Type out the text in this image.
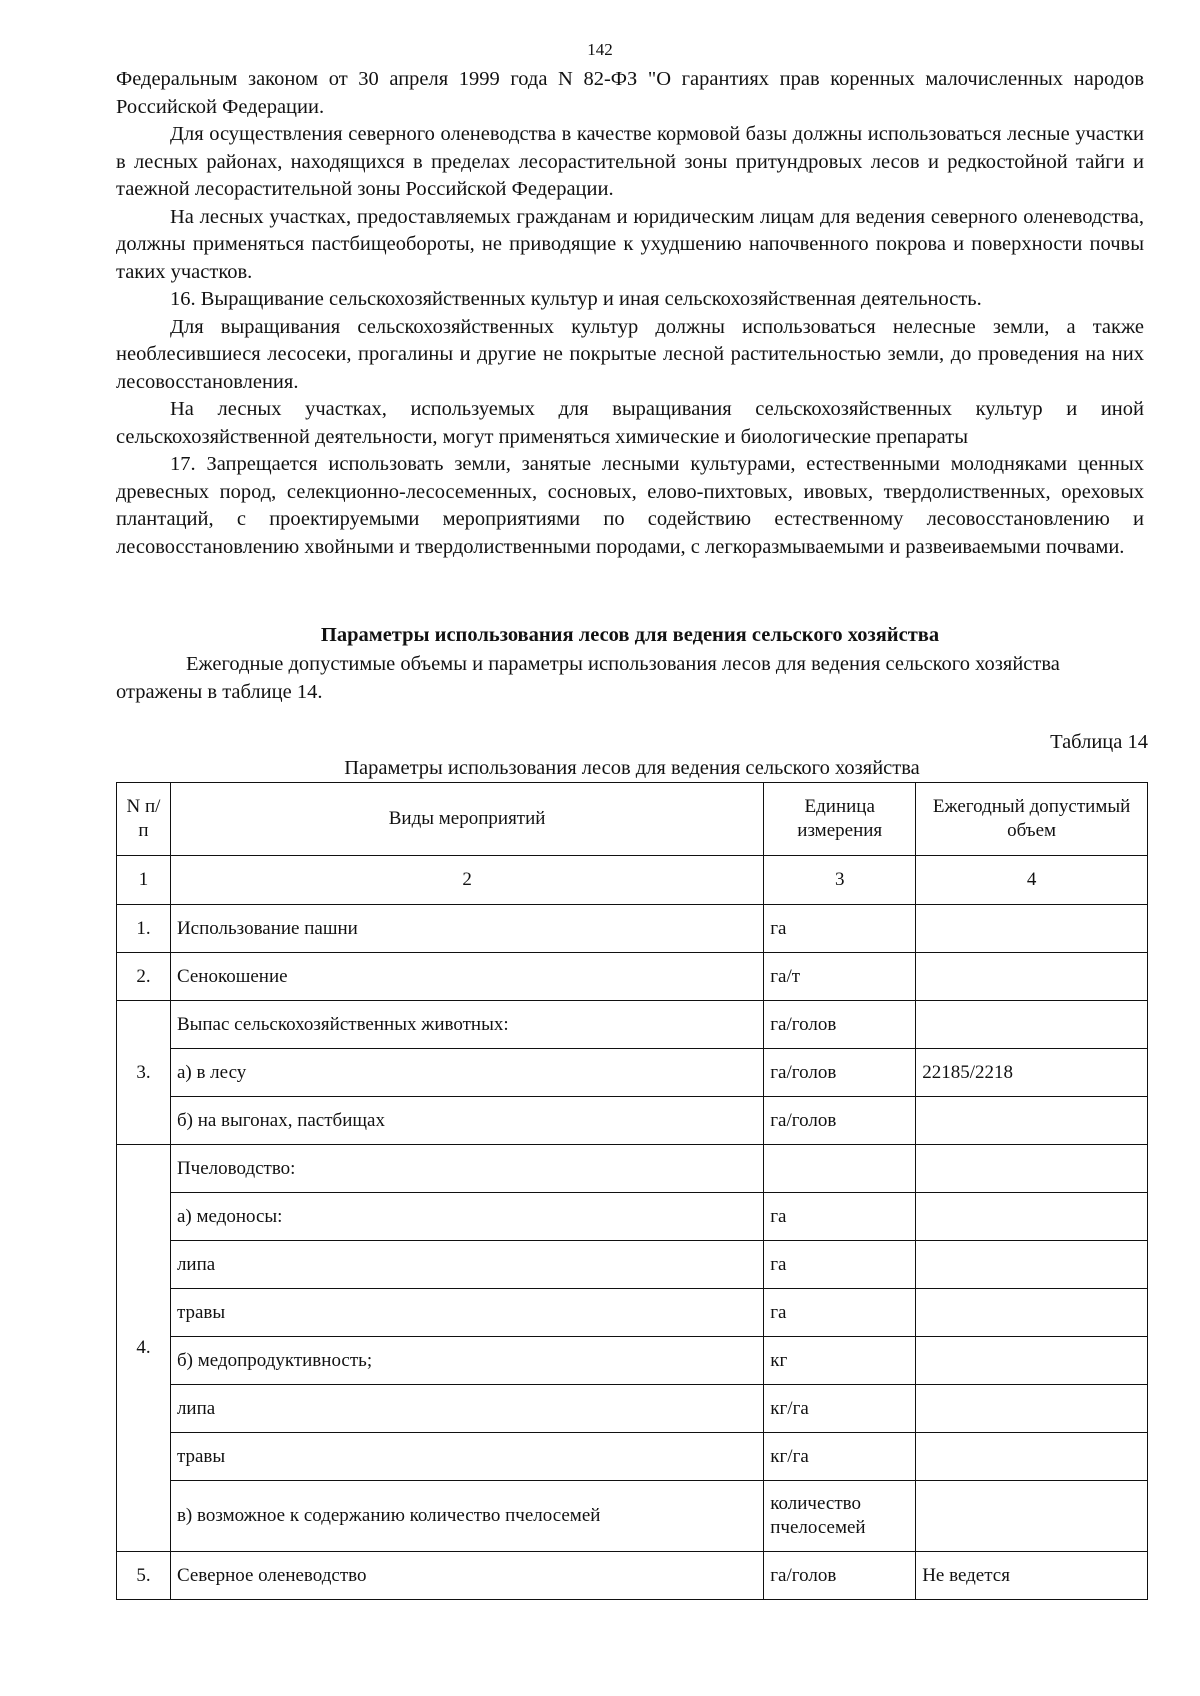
142

Федеральным законом от 30 апреля 1999 года N 82-ФЗ "О гарантиях прав коренных малочисленных народов Российской Федерации.

Для осуществления северного оленеводства в качестве кормовой базы должны использоваться лесные участки в лесных районах, находящихся в пределах лесорастительной зоны притундровых лесов и редкостойной тайги и таежной лесорастительной зоны Российской Федерации.

На лесных участках, предоставляемых гражданам и юридическим лицам для ведения северного оленеводства, должны применяться пастбищеобороты, не приводящие к ухудшению напочвенного покрова и поверхности почвы таких участков.

16. Выращивание сельскохозяйственных культур и иная сельскохозяйственная деятельность.

Для выращивания сельскохозяйственных культур должны использоваться нелесные земли, а также необлесившиеся лесосеки, прогалины и другие не покрытые лесной растительностью земли, до проведения на них лесовосстановления.

На лесных участках, используемых для выращивания сельскохозяйственных культур и иной сельскохозяйственной деятельности, могут применяться химические и биологические препараты

17. Запрещается использовать земли, занятые лесными культурами, естественными молодняками ценных древесных пород, селекционно-лесосеменных, сосновых, елово-пихтовых, ивовых, твердолиственных, ореховых плантаций, с проектируемыми мероприятиями по содействию естественному лесовосстановлению и лесовосстановлению хвойными и твердолиственными породами, с легкоразмываемыми и развеиваемыми почвами.

Параметры использования лесов для ведения сельского хозяйства
Ежегодные допустимые объемы и параметры использования лесов для ведения сельского хозяйства отражены в таблице 14.
Таблица 14
Параметры использования лесов для ведения сельского хозяйства
N п/п	Виды мероприятий	Единица измерения	Ежегодный допустимый объем
1	2	3	4
1.	Использование пашни	га	
2.	Сенокошение	га/т	
3.	Выпас сельскохозяйственных животных:	га/голов	
	а) в лесу	га/голов	22185/2218
	б) на выгонах, пастбищах	га/голов	
4.	Пчеловодство:		
	а) медоносы:	га	
	липа	га	
	травы	га	
	б) медопродуктивность;	кг	
	липа	кг/га	
	травы	кг/га	
	в) возможное к содержанию количество пчелосемей	количество
пчелосемей	

5.	Северное оленеводство	га/голов	Не ведется
